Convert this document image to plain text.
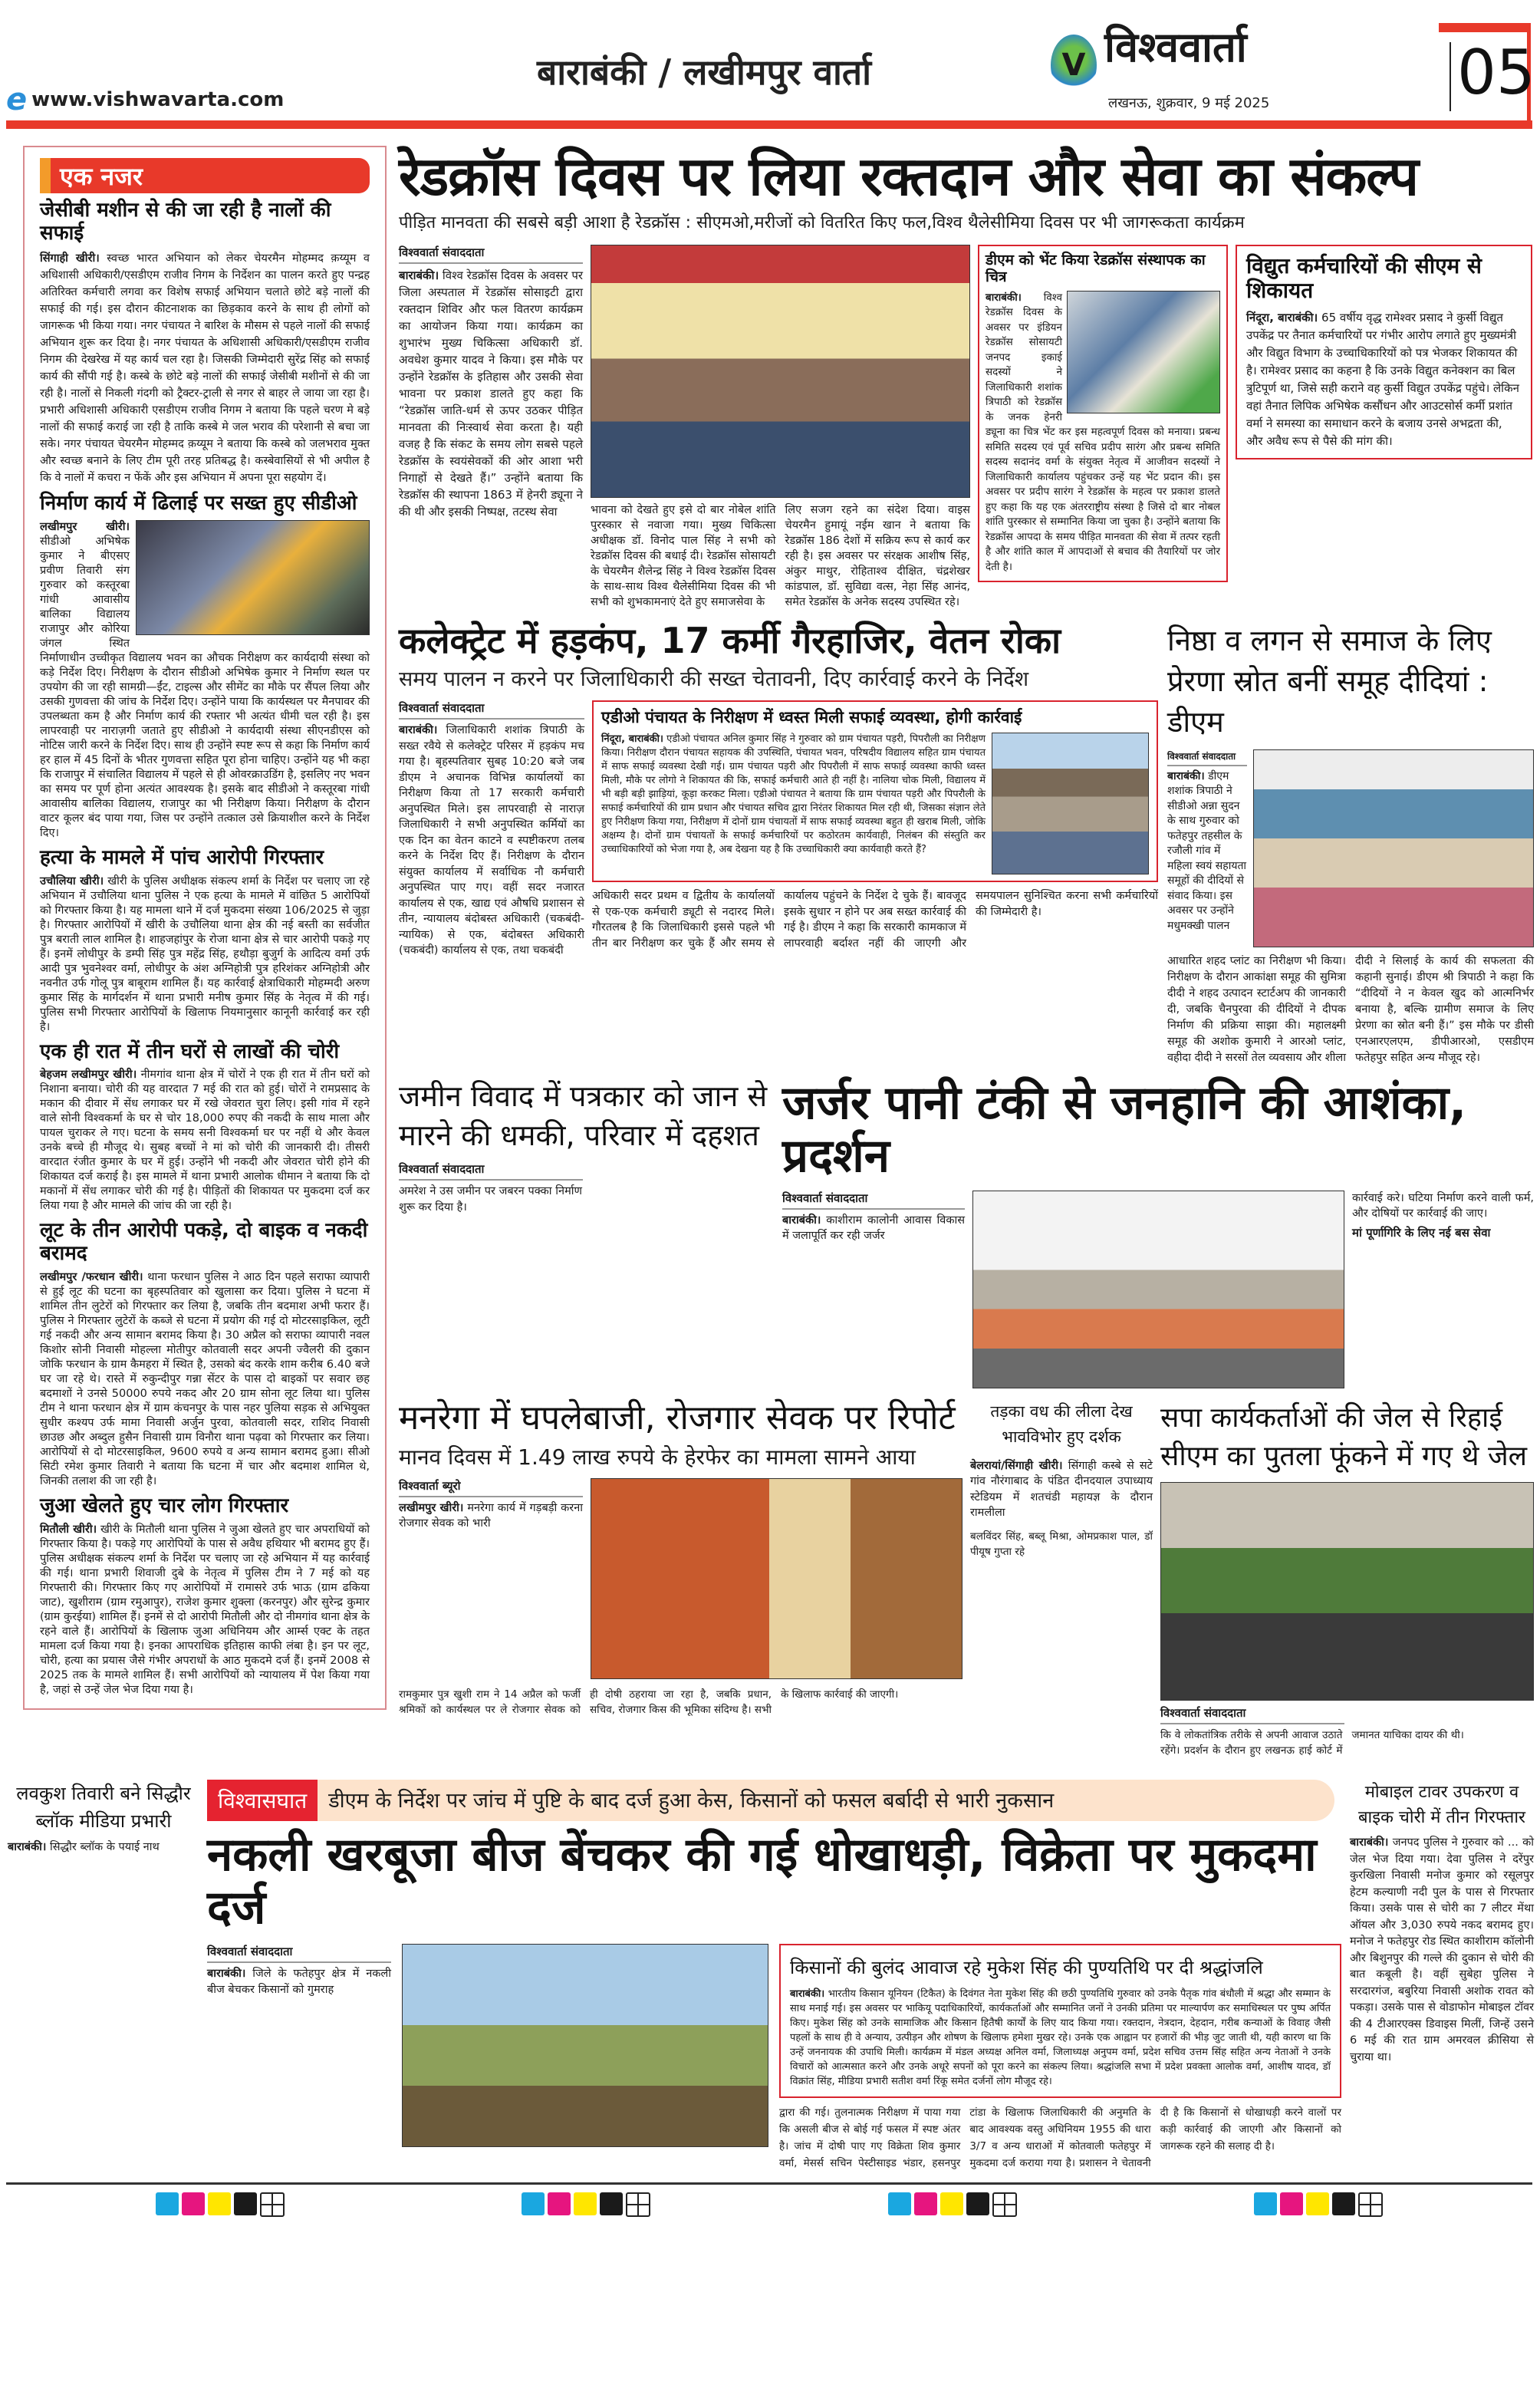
e www.vishwavarta.com
बाराबंकी / लखीमपुर वार्ता	V विश्ववार्ता
लखनऊ, शुक्रवार, 9 मई 2025	05
एक नजर
जेसीबी मशीन से की जा रही है नालों की सफाई

सिंगाही खीरी। स्वच्छ भारत अभियान को लेकर चेयरमैन मोहम्मद क़य्यूम व अधिशासी अधिकारी/एसडीएम राजीव निगम के निर्देशन का पालन करते हुए पन्द्रह अतिरिक्त कर्मचारी लगवा कर विशेष सफाई अभियान चलाते छोटे बड़े नालों की सफाई की गई। इस दौरान कीटनाशक का छिड़काव करने के साथ ही लोगों को जागरूक भी किया गया। नगर पंचायत ने बारिश के मौसम से पहले नालों की सफाई अभियान शुरू कर दिया है। नगर पंचायत के अधिशासी अधिकारी/एसडीएम राजीव निगम की देखरेख में यह कार्य चल रहा है। जिसकी जिम्मेदारी सुरेंद्र सिंह को सफाई कार्य की सौंपी गई है। कस्बे के छोटे बड़े नालों की सफाई जेसीबी मशीनों से की जा रही है। नालों से निकली गंदगी को ट्रैक्टर-ट्राली से नगर से बाहर ले जाया जा रहा है। प्रभारी अधिशासी अधिकारी एसडीएम राजीव निगम ने बताया कि पहले चरण मे बड़े नालों की सफाई कराई जा रही है ताकि कस्बे मे जल भराव की परेशानी से बचा जा सके। नगर पंचायत चेयरमैन मोहम्मद क़य्यूम ने बताया कि कस्बे को जलभराव मुक्त और स्वच्छ बनाने के लिए टीम पूरी तरह प्रतिबद्ध है। कस्बेवासियों से भी अपील है कि वे नालों में कचरा न फेंकें और इस अभियान में अपना पूरा सहयोग दें।

निर्माण कार्य में ढिलाई पर सख्त हुए सीडीओ

लखीमपुर खीरी। सीडीओ अभिषेक कुमार ने बीएसए प्रवीण तिवारी संग गुरुवार को कस्तूरबा गांधी आवासीय बालिका विद्यालय राजापुर और कोरिया जंगल स्थित निर्माणाधीन उच्चीकृत विद्यालय भवन का औचक निरीक्षण कर कार्यदायी संस्था को कड़े निर्देश दिए। निरीक्षण के दौरान सीडीओ अभिषेक कुमार ने निर्माण स्थल पर उपयोग की जा रही सामग्री—ईंट, टाइल्स और सीमेंट का मौके पर सैंपल लिया और उसकी गुणवत्ता की जांच के निर्देश दिए। उन्होंने पाया कि कार्यस्थल पर मैनपावर की उपलब्धता कम है और निर्माण कार्य की रफ्तार भी अत्यंत धीमी चल रही है। इस लापरवाही पर नाराज़गी जताते हुए सीडीओ ने कार्यदायी संस्था सीएनडीएस को नोटिस जारी करने के निर्देश दिए। साथ ही उन्होंने स्पष्ट रूप से कहा कि निर्माण कार्य हर हाल में 45 दिनों के भीतर गुणवत्ता सहित पूरा होना चाहिए। उन्होंने यह भी कहा कि राजापुर में संचालित विद्यालय में पहले से ही ओवरक्राउडिंग है, इसलिए नए भवन का समय पर पूर्ण होना अत्यंत आवश्यक है। इसके बाद सीडीओ ने कस्तूरबा गांधी आवासीय बालिका विद्यालय, राजापुर का भी निरीक्षण किया। निरीक्षण के दौरान वाटर कूलर बंद पाया गया, जिस पर उन्होंने तत्काल उसे क्रियाशील करने के निर्देश दिए।

हत्या के मामले में पांच आरोपी गिरफ्तार

उचौलिया खीरी। खीरी के पुलिस अधीक्षक संकल्प शर्मा के निर्देश पर चलाए जा रहे अभियान में उचौलिया थाना पुलिस ने एक हत्या के मामले में वांछित 5 आरोपियों को गिरफ्तार किया है। यह मामला थाने में दर्ज मुकदमा संख्या 106/2025 से जुड़ा है। गिरफ्तार आरोपियों में खीरी के उचौलिया थाना क्षेत्र की नई बस्ती का सर्वजीत पुत्र बराती लाल शामिल है। शाहजहांपुर के रोजा थाना क्षेत्र से चार आरोपी पकड़े गए हैं। इनमें लोधीपुर के डम्पी सिंह पुत्र महेंद्र सिंह, हथौड़ा बुजुर्ग के आदित्य वर्मा उर्फ आदी पुत्र भुवनेश्वर वर्मा, लोधीपुर के अंश अग्निहोत्री पुत्र हरिशंकर अग्निहोत्री और नवनीत उर्फ गोलू पुत्र बाबूराम शामिल हैं। यह कार्रवाई क्षेत्राधिकारी मोहम्मदी अरुण कुमार सिंह के मार्गदर्शन में थाना प्रभारी मनीष कुमार सिंह के नेतृत्व में की गई। पुलिस सभी गिरफ्तार आरोपियों के खिलाफ नियमानुसार कानूनी कार्रवाई कर रही है।

एक ही रात में तीन घरों से लाखों की चोरी

बेहजम लखीमपुर खीरी। नीमगांव थाना क्षेत्र में चोरों ने एक ही रात में तीन घरों को निशाना बनाया। चोरी की यह वारदात 7 मई की रात को हुई। चोरों ने रामप्रसाद के मकान की दीवार में सेंध लगाकर घर में रखे जेवरात चुरा लिए। इसी गांव में रहने वाले सोनी विश्वकर्मा के घर से चोर 18,000 रुपए की नकदी के साथ माला और पायल चुराकर ले गए। घटना के समय सनी विश्वकर्मा घर पर नहीं थे और केवल उनके बच्चे ही मौजूद थे। सुबह बच्चों ने मां को चोरी की जानकारी दी। तीसरी वारदात रंजीत कुमार के घर में हुई। उन्होंने भी नकदी और जेवरात चोरी होने की शिकायत दर्ज कराई है। इस मामले में थाना प्रभारी आलोक धीमान ने बताया कि दो मकानों में सेंध लगाकर चोरी की गई है। पीड़ितों की शिकायत पर मुकदमा दर्ज कर लिया गया है और मामले की जांच की जा रही है।

लूट के तीन आरोपी पकड़े, दो बाइक व नकदी बरामद

लखीमपुर /फरधान खीरी। थाना फरधान पुलिस ने आठ दिन पहले सराफा व्यापारी से हुई लूट की घटना का बृहस्पतिवार को खुलासा कर दिया। पुलिस ने घटना में शामिल तीन लुटेरों को गिरफ्तार कर लिया है, जबकि तीन बदमाश अभी फरार हैं। पुलिस ने गिरफ्तार लुटेरों के कब्जे से घटना में प्रयोग की गई दो मोटरसाइकिल, लूटी गई नकदी और अन्य सामान बरामद किया है। 30 अप्रैल को सराफा व्यापारी नवल किशोर सोनी निवासी मोहल्ला मोतीपुर कोतवाली सदर अपनी ज्वैलरी की दुकान जोकि फरधान के ग्राम कैमहरा में स्थित है, उसको बंद करके शाम करीब 6.40 बजे घर जा रहे थे। रास्ते में रुकुन्दीपुर गन्ना सेंटर के पास दो बाइकों पर सवार छह बदमाशों ने उनसे 50000 रुपये नकद और 20 ग्राम सोना लूट लिया था। पुलिस टीम ने थाना फरधान क्षेत्र में ग्राम कंचनपुर के पास नहर पुलिया सड़क से अभियुक्त सुधीर कश्यप उर्फ मामा निवासी अर्जुन पुरवा, कोतवाली सदर, राशिद निवासी छाउछ और अब्दुल हुसैन निवासी ग्राम विनौरा थाना पढ़वा को गिरफ्तार कर लिया। आरोपियों से दो मोटरसाइकिल, 9600 रुपये व अन्य सामान बरामद हुआ। सीओ सिटी रमेश कुमार तिवारी ने बताया कि घटना में चार और बदमाश शामिल थे, जिनकी तलाश की जा रही है।

जुआ खेलते हुए चार लोग गिरफ्तार

मितौली खीरी। खीरी के मितौली थाना पुलिस ने जुआ खेलते हुए चार अपराधियों को गिरफ्तार किया है। पकड़े गए आरोपियों के पास से अवैध हथियार भी बरामद हुए हैं। पुलिस अधीक्षक संकल्प शर्मा के निर्देश पर चलाए जा रहे अभियान में यह कार्रवाई की गई। थाना प्रभारी शिवाजी दुबे के नेतृत्व में पुलिस टीम ने 7 मई को यह गिरफ्तारी की। गिरफ्तार किए गए आरोपियों में रामासरे उर्फ भाऊ (ग्राम ढकिया जाट), खुशीराम (ग्राम रमुआपुर), राजेश कुमार शुक्ला (करनपुर) और सुरेन्द्र कुमार (ग्राम कुरईया) शामिल हैं। इनमें से दो आरोपी मितौली और दो नीमगांव थाना क्षेत्र के रहने वाले हैं। आरोपियों के खिलाफ जुआ अधिनियम और आर्म्स एक्ट के तहत मामला दर्ज किया गया है। इनका आपराधिक इतिहास काफी लंबा है। इन पर लूट, चोरी, हत्या का प्रयास जैसे गंभीर अपराधों के आठ मुकदमे दर्ज हैं। इनमें 2008 से 2025 तक के मामले शामिल हैं। सभी आरोपियों को न्यायालय में पेश किया गया है, जहां से उन्हें जेल भेज दिया गया है।

रेडक्रॉस दिवस पर लिया रक्तदान और सेवा का संकल्प
पीड़ित मानवता की सबसे बड़ी आशा है रेडक्रॉस : सीएमओ,मरीजों को वितरित किए फल,विश्व थैलेसीमिया दिवस पर भी जागरूकता कार्यक्रम
विश्ववार्ता संवाददाता

बाराबंकी। विश्व रेडक्रॉस दिवस के अवसर पर जिला अस्पताल में रेडक्रॉस सोसाइटी द्वारा रक्तदान शिविर और फल वितरण कार्यक्रम का आयोजन किया गया। कार्यक्रम का शुभारंभ मुख्य चिकित्सा अधिकारी डॉ. अवधेश कुमार यादव ने किया। इस मौके पर उन्होंने रेडक्रॉस के इतिहास और उसकी सेवा भावना पर प्रकाश डालते हुए कहा कि “रेडक्रॉस जाति-धर्म से ऊपर उठकर पीड़ित मानवता की निःस्वार्थ सेवा करता है। यही वजह है कि संकट के समय लोग सबसे पहले रेडक्रॉस के स्वयंसेवकों की ओर आशा भरी निगाहों से देखते हैं।” उन्होंने बताया कि रेडक्रॉस की स्थापना 1863 में हेनरी ड्यूना ने की थी और इसकी निष्पक्ष, तटस्थ सेवा	भावना को देखते हुए इसे दो बार नोबेल शांति पुरस्कार से नवाजा गया। मुख्य चिकित्सा अधीक्षक डॉ. विनोद पाल सिंह ने सभी को रेडक्रॉस दिवस की बधाई दी। रेडक्रॉस सोसायटी के चेयरमैन शैलेन्द्र सिंह ने विश्व रेडक्रॉस दिवस के साथ-साथ विश्व थैलेसीमिया दिवस की भी सभी को शुभकामनाएं देते हुए समाजसेवा के

लिए सजग रहने का संदेश दिया। वाइस चेयरमैन हुमायूं नईम खान ने बताया कि रेडक्रॉस 186 देशों में सक्रिय रूप से कार्य कर रही है। इस अवसर पर संरक्षक आशीष सिंह, अंकुर माथुर, रोहिताश्व दीक्षित, चंद्रशेखर कांडपाल, डॉ. सुविद्या वत्स, नेहा सिंह आनंद, समेत रेडक्रॉस के अनेक सदस्य उपस्थित रहे।

डीएम को भेंट किया रेडक्रॉस संस्थापक का चित्र

बाराबंकी। विश्व रेडक्रॉस दिवस के अवसर पर इंडियन रेडक्रॉस सोसायटी जनपद इकाई सदस्यों ने जिलाधिकारी शशांक त्रिपाठी को रेडक्रॉस के जनक हेनरी ड्यूना का चित्र भेंट कर इस महत्वपूर्ण दिवस को मनाया। प्रबन्ध समिति सदस्य एवं पूर्व सचिव प्रदीप सारंग और प्रबन्ध समिति सदस्य सदानंद वर्मा के संयुक्त नेतृत्व में आजीवन सदस्यों ने जिलाधिकारी कार्यालय पहुंचकर उन्हें यह भेंट प्रदान की। इस अवसर पर प्रदीप सारंग ने रेडक्रॉस के महत्व पर प्रकाश डालते हुए कहा कि यह एक अंतरराष्ट्रीय संस्था है जिसे दो बार नोबल शांति पुरस्कार से सम्मानित किया जा चुका है। उन्होंने बताया कि रेडक्रॉस आपदा के समय पीड़ित मानवता की सेवा में तत्पर रहती है और शांति काल में आपदाओं से बचाव की तैयारियों पर जोर देती है।

विद्युत कर्मचारियों की सीएम से शिकायत

निंदूरा, बाराबंकी। 65 वर्षीय वृद्ध रामेश्वर प्रसाद ने कुर्सी विद्युत उपकेंद्र पर तैनात कर्मचारियों पर गंभीर आरोप लगाते हुए मुख्यमंत्री और विद्युत विभाग के उच्चाधिकारियों को पत्र भेजकर शिकायत की है। रामेश्वर प्रसाद का कहना है कि उनके विद्युत कनेक्शन का बिल त्रुटिपूर्ण था, जिसे सही कराने वह कुर्सी विद्युत उपकेंद्र पहुंचे। लेकिन वहां तैनात लिपिक अभिषेक कसौंधन और आउटसोर्स कर्मी प्रशांत वर्मा ने समस्या का समाधान करने के बजाय उनसे अभद्रता की, और अवैध रूप से पैसे की मांग की।

कलेक्ट्रेट में हड़कंप, 17 कर्मी गैरहाजिर, वेतन रोका
समय पालन न करने पर जिलाधिकारी की सख्त चेतावनी, दिए कार्रवाई करने के निर्देश
विश्ववार्ता संवाददाता

बाराबंकी। जिलाधिकारी शशांक त्रिपाठी के सख्त रवैये से कलेक्ट्रेट परिसर में हड़कंप मच गया है। बृहस्पतिवार सुबह 10:20 बजे जब डीएम ने अचानक विभिन्न कार्यालयों का निरीक्षण किया तो 17 सरकारी कर्मचारी अनुपस्थित मिले। इस लापरवाही से नाराज़ जिलाधिकारी ने सभी अनुपस्थित कर्मियों का एक दिन का वेतन काटने व स्पष्टीकरण तलब करने के निर्देश दिए हैं। निरीक्षण के दौरान संयुक्त कार्यालय में सर्वाधिक नौ कर्मचारी अनुपस्थित पाए गए। वहीं सदर नजारत कार्यालय से एक, खाद्य एवं औषधि प्रशासन से तीन, न्यायालय बंदोबस्त अधिकारी (चकबंदी-न्यायिक) से एक, बंदोबस्त अधिकारी (चकबंदी) कार्यालय से एक, तथा चकबंदी

एडीओ पंचायत के निरीक्षण में ध्वस्त मिली सफाई व्यवस्था, होगी कार्रवाई

निंदूरा, बाराबंकी। एडीओ पंचायत अनिल कुमार सिंह ने गुरुवार को ग्राम पंचायत पड़री, पिपरौली का निरीक्षण किया। निरीक्षण दौरान पंचायत सहायक की उपस्थिति, पंचायत भवन, परिषदीय विद्यालय सहित ग्राम पंचायत में साफ सफाई व्यवस्था देखी गई। ग्राम पंचायत पड़री और पिपरौली में साफ सफाई व्यवस्था काफी ध्वस्त मिली, मौके पर लोगो ने शिकायत की कि, सफाई कर्मचारी आते ही नहीं है। नालिया चोक मिली, विद्यालय में भी बड़ी बड़ी झाड़ियां, कूड़ा करकट मिला। एडीओ पंचायत ने बताया कि ग्राम पंचायत पड़री और पिपरौली के सफाई कर्मचारियों की ग्राम प्रधान और पंचायत सचिव द्वारा निरंतर शिकायत मिल रही थी, जिसका संज्ञान लेते हुए निरीक्षण किया गया, निरीक्षण में दोनों ग्राम पंचायतों में साफ सफाई व्यवस्था बहुत ही खराब मिली, जोकि अक्षम्य है। दोनों ग्राम पंचायतों के सफाई कर्मचारियों पर कठोरतम कार्यवाही, निलंबन की संस्तुति कर उच्चाधिकारियों को भेजा गया है, अब देखना यह है कि उच्चाधिकारी क्या कार्यवाही करते हैं?

अधिकारी सदर प्रथम व द्वितीय के कार्यालयों से एक-एक कर्मचारी ड्यूटी से नदारद मिले। गौरतलब है कि जिलाधिकारी इससे पहले भी तीन बार निरीक्षण कर चुके हैं और समय से कार्यालय पहुंचने के निर्देश दे चुके हैं। बावजूद इसके सुधार न होने पर अब सख्त कार्रवाई की गई है। डीएम ने कहा कि सरकारी कामकाज में लापरवाही बर्दाश्त नहीं की जाएगी और समयपालन सुनिश्चित करना सभी कर्मचारियों की जिम्मेदारी है।

निष्ठा व लगन से समाज के लिए प्रेरणा स्रोत बनीं समूह दीदियां : डीएम
विश्ववार्ता संवाददाता

बाराबंकी। डीएम शशांक त्रिपाठी ने सीडीओ अन्ना सुदन के साथ गुरुवार को फतेहपुर तहसील के रजौली गांव में महिला स्वयं सहायता समूहों की दीदियों से संवाद किया। इस अवसर पर उन्होंने मधुमक्खी पालन

आधारित शहद प्लांट का निरीक्षण भी किया। निरीक्षण के दौरान आकांक्षा समूह की सुमित्रा दीदी ने शहद उत्पादन स्टार्टअप की जानकारी दी, जबकि चैनपुरवा की दीदियों ने दीपक निर्माण की प्रक्रिया साझा की। महालक्ष्मी समूह की अशोक कुमारी ने आरओ प्लांट, वहीदा दीदी ने सरसों तेल व्यवसाय और शीला दीदी ने सिलाई के कार्य की सफलता की कहानी सुनाई। डीएम श्री त्रिपाठी ने कहा कि “दीदियों ने न केवल खुद को आत्मनिर्भर बनाया है, बल्कि ग्रामीण समाज के लिए प्रेरणा का स्रोत बनी हैं।” इस मौके पर डीसी एनआरएलएम, डीपीआरओ, एसडीएम फतेहपुर सहित अन्य मौजूद रहे।

जमीन विवाद में पत्रकार को जान से मारने की धमकी, परिवार में दहशत
विश्ववार्ता संवाददाता

अमरेश ने उस जमीन पर जबरन पक्का निर्माण शुरू कर दिया है।

जर्जर पानी टंकी से जनहानि की आशंका, प्रदर्शन
विश्ववार्ता संवाददाता

बाराबंकी। काशीराम कालोनी आवास विकास में जलापूर्ति कर रही जर्जर

कार्रवाई करे। घटिया निर्माण करने वाली फर्म, और दोषियों पर कार्रवाई की जाए।

मां पूर्णागिरि के लिए नई बस सेवा
मनरेगा में घपलेबाजी, रोजगार सेवक पर रिपोर्ट
मानव दिवस में 1.49 लाख रुपये के हेरफेर का मामला सामने आया
विश्ववार्ता ब्यूरो

लखीमपुर खीरी। मनरेगा कार्य में गड़बड़ी करना रोजगार सेवक को भारी

रामकुमार पुत्र खुशी राम ने 14 अप्रैल को फर्जी श्रमिकों को कार्यस्थल पर ले रोजगार सेवक को ही दोषी ठहराया जा रहा है, जबकि प्रधान, सचिव, रोजगार किस की भूमिका संदिग्ध है। सभी के खिलाफ कार्रवाई की जाएगी।

तड़का वध की लीला देख भावविभोर हुए दर्शक

बेलरायां/सिंगाही खीरी। सिंगाही कस्बे से सटे गांव नौरंगाबाद के पंडित दीनदयाल उपाध्याय स्टेडियम में शतचंडी महायज्ञ के दौरान रामलीला

बलविंदर सिंह, बब्लू मिश्रा, ओमप्रकाश पाल, डॉ पीयूष गुप्ता रहे

सपा कार्यकर्ताओं की जेल से रिहाई सीएम का पुतला फूंकने में गए थे जेल
विश्ववार्ता संवाददाता

कि वे लोकतांत्रिक तरीके से अपनी आवाज उठाते रहेंगे। प्रदर्शन के दौरान हुए लखनऊ हाई कोर्ट में जमानत याचिका दायर की थी।

लवकुश तिवारी बने सिद्धौर ब्लॉक मीडिया प्रभारी

बाराबंकी। सिद्धौर ब्लॉक के पयाई नाथ

विश्वासघात	डीएम के निर्देश पर जांच में पुष्टि के बाद दर्ज हुआ केस, किसानों को फसल बर्बादी से भारी नुकसान
नकली खरबूजा बीज बेंचकर की गई धोखाधड़ी, विक्रेता पर मुकदमा दर्ज
विश्ववार्ता संवाददाता

बाराबंकी। जिले के फतेहपुर क्षेत्र में नकली बीज बेचकर किसानों को गुमराह

किसानों की बुलंद आवाज रहे मुकेश सिंह की पुण्यतिथि पर दी श्रद्धांजलि

बाराबंकी। भारतीय किसान यूनियन (टिकैत) के दिवंगत नेता मुकेश सिंह की छठी पुण्यतिथि गुरुवार को उनके पैतृक गांव बंधौली में श्रद्धा और सम्मान के साथ मनाई गई। इस अवसर पर भाकियू पदाधिकारियों, कार्यकर्ताओं और सम्मानित जनों ने उनकी प्रतिमा पर माल्यार्पण कर समाधिस्थल पर पुष्प अर्पित किए। मुकेश सिंह को उनके सामाजिक और किसान हितैषी कार्यों के लिए याद किया गया। रक्तदान, नेत्रदान, देहदान, गरीब कन्याओं के विवाह जैसी पहलों के साथ ही वे अन्याय, उत्पीड़न और शोषण के खिलाफ हमेशा मुखर रहे। उनके एक आह्वान पर हजारों की भीड़ जुट जाती थी, यही कारण था कि उन्हें जननायक की उपाधि मिली। कार्यक्रम में मंडल अध्यक्ष अनिल वर्मा, जिलाध्यक्ष अनुपम वर्मा, प्रदेश सचिव उत्तम सिंह सहित अन्य नेताओं ने उनके विचारों को आत्मसात करने और उनके अधूरे सपनों को पूरा करने का संकल्प लिया। श्रद्धांजलि सभा में प्रदेश प्रवक्ता आलोक वर्मा, आशीष यादव, डॉ विक्रांत सिंह, मीडिया प्रभारी सतीश वर्मा रिंकू समेत दर्जनों लोग मौजूद रहे।

द्वारा की गई। तुलनात्मक निरीक्षण में पाया गया कि असली बीज से बोई गई फसल में स्पष्ट अंतर है। जांच में दोषी पाए गए विक्रेता शिव कुमार वर्मा, मेसर्स सचिन पेस्टीसाइड भंडार, हसनपुर टांडा के खिलाफ जिलाधिकारी की अनुमति के बाद आवश्यक वस्तु अधिनियम 1955 की धारा 3/7 व अन्य धाराओं में कोतवाली फतेहपुर में मुकदमा दर्ज कराया गया है। प्रशासन ने चेतावनी दी है कि किसानों से धोखाधड़ी करने वालों पर कड़ी कार्रवाई की जाएगी और किसानों को जागरूक रहने की सलाह दी है।

मोबाइल टावर उपकरण व बाइक चोरी में तीन गिरफ्तार

बाराबंकी। जनपद पुलिस ने गुरुवार को ... को जेल भेज दिया गया। देवा पुलिस ने दरेंपुर कुरखिला निवासी मनोज कुमार को रसूलपुर हेटम कल्याणी नदी पुल के पास से गिरफ्तार किया। उसके पास से चोरी का 7 लीटर मेंथा ऑयल और 3,030 रुपये नकद बरामद हुए। मनोज ने फतेहपुर रोड स्थित काशीराम कॉलोनी और बिशुनपुर की गल्ले की दुकान से चोरी की बात कबूली है। वहीं सुबेहा पुलिस ने सरदारगंज, बबुरिया निवासी अशोक रावत को पकड़ा। उसके पास से वोडाफोन मोबाइल टॉवर की 4 टीआरएक्स डिवाइस मिलीं, जिन्हें उसने 6 मई की रात ग्राम अमरवल क्रीसिया से चुराया था।
